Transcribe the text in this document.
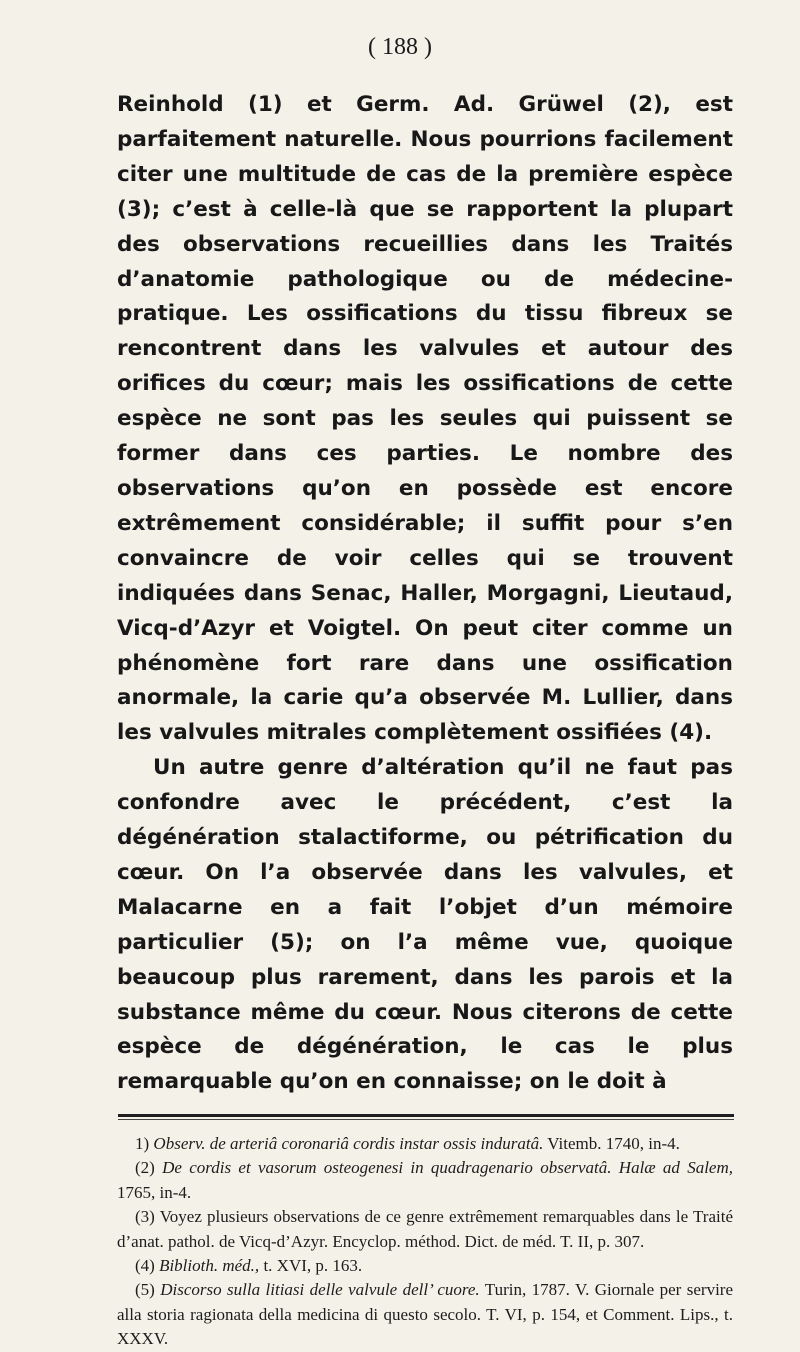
( 188 )

Reinhold (1) et Germ. Ad. Grüwel (2), est parfaitement naturelle. Nous pourrions facilement citer une multitude de cas de la première espèce (3); c’est à celle-là que se rapportent la plupart des observations recueillies dans les Traités d’anatomie pathologique ou de médecine-pratique. Les ossifications du tissu fibreux se rencontrent dans les valvules et autour des orifices du cœur; mais les ossifications de cette espèce ne sont pas les seules qui puissent se former dans ces parties. Le nombre des observations qu’on en possède est encore extrêmement considérable; il suffit pour s’en convaincre de voir celles qui se trouvent indiquées dans Senac, Haller, Morgagni, Lieutaud, Vicq-d’Azyr et Voigtel. On peut citer comme un phénomène fort rare dans une ossification anormale, la carie qu’a observée M. Lullier, dans les valvules mitrales complètement ossifiées (4).

Un autre genre d’altération qu’il ne faut pas confondre avec le précédent, c’est la dégénération stalactiforme, ou pétrification du cœur. On l’a observée dans les valvules, et Malacarne en a fait l’objet d’un mémoire particulier (5); on l’a même vue, quoique beaucoup plus rarement, dans les parois et la substance même du cœur. Nous citerons de cette espèce de dégénération, le cas le plus remarquable qu’on en connaisse; on le doit à

1) Observ. de arteriâ coronariâ cordis instar ossis induratâ. Vitemb. 1740, in-4.

(2) De cordis et vasorum osteogenesi in quadragenario observatâ. Halæ ad Salem, 1765, in-4.

(3) Voyez plusieurs observations de ce genre extrêmement remarquables dans le Traité d’anat. pathol. de Vicq-d’Azyr. Encyclop. méthod. Dict. de méd. T. II, p. 307.

(4) Biblioth. méd., t. XVI, p. 163.

(5) Discorso sulla litiasi delle valvule dell’ cuore. Turin, 1787. V. Giornale per servire alla storia ragionata della medicina di questo secolo. T. VI, p. 154, et Comment. Lips., t. XXXV.
